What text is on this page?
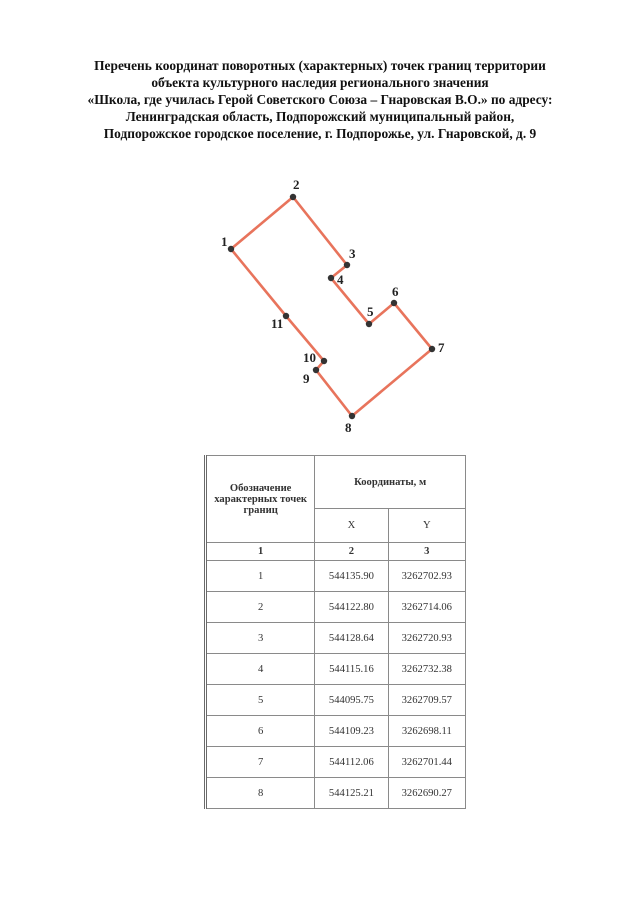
Перечень координат поворотных (характерных) точек границ территории
объекта культурного наследия регионального значения
«Школа, где училась Герой Советского Союза – Гнаровская В.О.» по адресу:
Ленинградская область, Подпорожский муниципальный район,
Подпорожское городское поселение, г. Подпорожье, ул. Гнаровской, д. 9
1
2
3
4
5
6
7
8
9
10
11
Обозначение характерных точек границ	Координаты, м	
	X	Y
1	2	3
1	544135.90	3262702.93
2	544122.80	3262714.06
3	544128.64	3262720.93
4	544115.16	3262732.38
5	544095.75	3262709.57
6	544109.23	3262698.11
7	544112.06	3262701.44
8	544125.21	3262690.27
